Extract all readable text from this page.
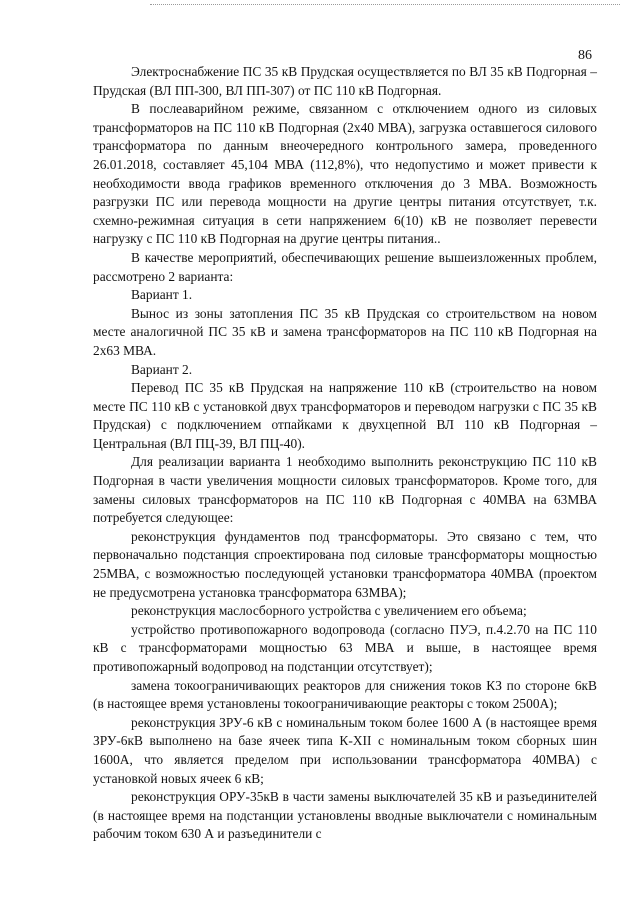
86

Электроснабжение ПС 35 кВ Прудская осуществляется по ВЛ 35 кВ Подгорная – Прудская (ВЛ ПП-300, ВЛ ПП-307) от ПС 110 кВ Подгорная.

В послеаварийном режиме, связанном с отключением одного из силовых трансформаторов на ПС 110 кВ Подгорная (2х40 МВА), загрузка оставшегося силового трансформатора по данным внеочередного контрольного замера, проведенного 26.01.2018, составляет 45,104 МВА (112,8%), что недопустимо и может привести к необходимости ввода графиков временного отключения до 3 МВА. Возможность разгрузки ПС или перевода мощности на другие центры питания отсутствует, т.к. схемно-режимная ситуация в сети напряжением 6(10) кВ не позволяет перевести нагрузку с ПС 110 кВ Подгорная на другие центры питания..

В качестве мероприятий, обеспечивающих решение вышеизложенных проблем, рассмотрено 2 варианта:

Вариант 1.

Вынос из зоны затопления ПС 35 кВ Прудская со строительством на новом месте аналогичной ПС 35 кВ и замена трансформаторов на ПС 110 кВ Подгорная на 2х63 МВА.

Вариант 2.

Перевод ПС 35 кВ Прудская на напряжение 110 кВ (строительство на новом месте ПС 110 кВ с установкой двух трансформаторов и переводом нагрузки с ПС 35 кВ Прудская) с подключением отпайками к двухцепной ВЛ 110 кВ Подгорная – Центральная (ВЛ ПЦ-39, ВЛ ПЦ-40).

Для реализации варианта 1 необходимо выполнить реконструкцию ПС 110 кВ Подгорная в части увеличения мощности силовых трансформаторов. Кроме того, для замены силовых трансформаторов на ПС 110 кВ Подгорная с 40МВА на 63МВА потребуется следующее:

реконструкция фундаментов под трансформаторы. Это связано с тем, что первоначально подстанция спроектирована под силовые трансформаторы мощностью 25МВА, с возможностью последующей установки трансформатора 40МВА (проектом не предусмотрена установка трансформатора 63МВА);

реконструкция маслосборного устройства с увеличением его объема;

устройство противопожарного водопровода (согласно ПУЭ, п.4.2.70 на ПС 110 кВ с трансформаторами мощностью 63 МВА и выше, в настоящее время противопожарный водопровод на подстанции отсутствует);

замена токоограничивающих реакторов для снижения токов КЗ по стороне 6кВ (в настоящее время установлены токоограничивающие реакторы с током 2500А);

реконструкция ЗРУ-6 кВ с номинальным током более 1600 А (в настоящее время ЗРУ-6кВ выполнено на базе ячеек типа К-XII с номинальным током сборных шин 1600А, что является пределом при использовании трансформатора 40МВА) с установкой новых ячеек 6 кВ;

реконструкция ОРУ-35кВ в части замены выключателей 35 кВ и разъединителей (в настоящее время на подстанции установлены вводные выключатели с номинальным рабочим током 630 А и разъединители с
